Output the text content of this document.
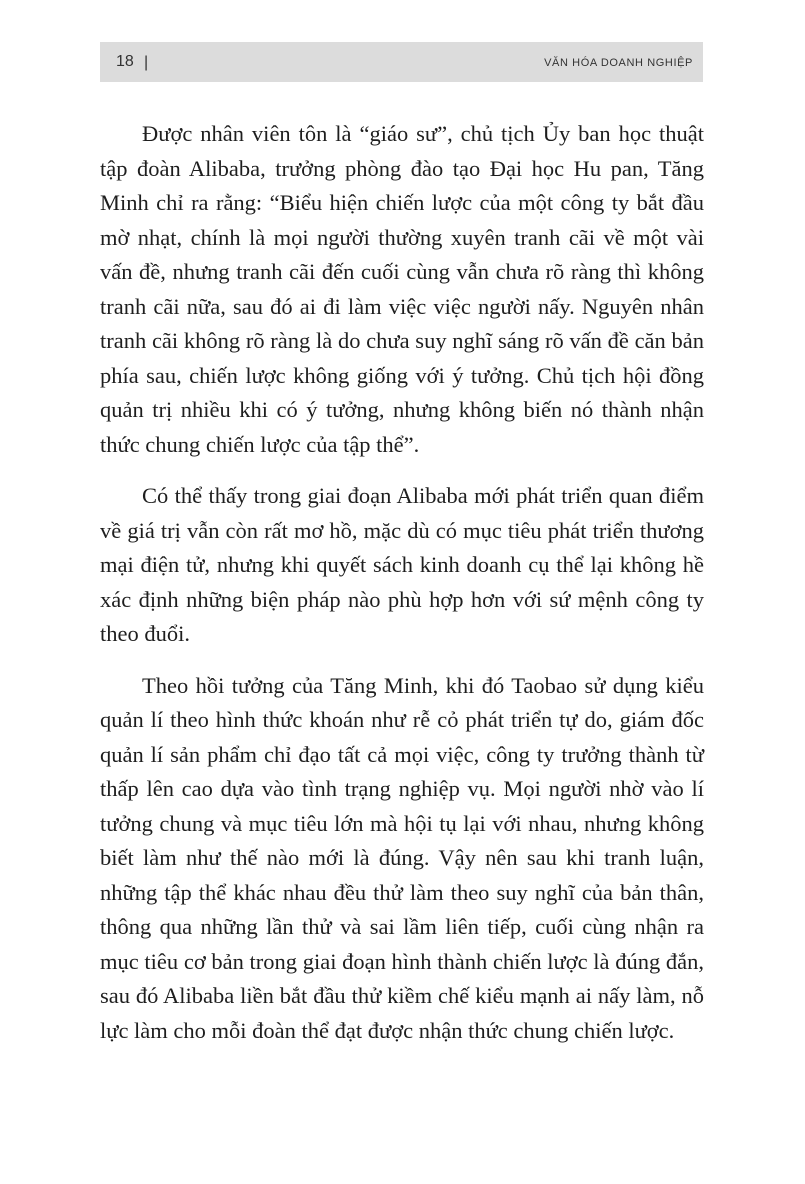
18 |	VĂN HÓA DOANH NGHIỆP

Được nhân viên tôn là “giáo sư”, chủ tịch Ủy ban học thuật tập đoàn Alibaba, trưởng phòng đào tạo Đại học Hu pan, Tăng Minh chỉ ra rằng: “Biểu hiện chiến lược của một công ty bắt đầu mờ nhạt, chính là mọi người thường xuyên tranh cãi về một vài vấn đề, nhưng tranh cãi đến cuối cùng vẫn chưa rõ ràng thì không tranh cãi nữa, sau đó ai đi làm việc việc người nấy. Nguyên nhân tranh cãi không rõ ràng là do chưa suy nghĩ sáng rõ vấn đề căn bản phía sau, chiến lược không giống với ý tưởng. Chủ tịch hội đồng quản trị nhiều khi có ý tưởng, nhưng không biến nó thành nhận thức chung chiến lược của tập thể”.

Có thể thấy trong giai đoạn Alibaba mới phát triển quan điểm về giá trị vẫn còn rất mơ hồ, mặc dù có mục tiêu phát triển thương mại điện tử, nhưng khi quyết sách kinh doanh cụ thể lại không hề xác định những biện pháp nào phù hợp hơn với sứ mệnh công ty theo đuổi.

Theo hồi tưởng của Tăng Minh, khi đó Taobao sử dụng kiểu quản lí theo hình thức khoán như rễ cỏ phát triển tự do, giám đốc quản lí sản phẩm chỉ đạo tất cả mọi việc, công ty trưởng thành từ thấp lên cao dựa vào tình trạng nghiệp vụ. Mọi người nhờ vào lí tưởng chung và mục tiêu lớn mà hội tụ lại với nhau, nhưng không biết làm như thế nào mới là đúng. Vậy nên sau khi tranh luận, những tập thể khác nhau đều thử làm theo suy nghĩ của bản thân, thông qua những lần thử và sai lầm liên tiếp, cuối cùng nhận ra mục tiêu cơ bản trong giai đoạn hình thành chiến lược là đúng đắn, sau đó Alibaba liền bắt đầu thử kiềm chế kiểu mạnh ai nấy làm, nỗ lực làm cho mỗi đoàn thể đạt được nhận thức chung chiến lược.
